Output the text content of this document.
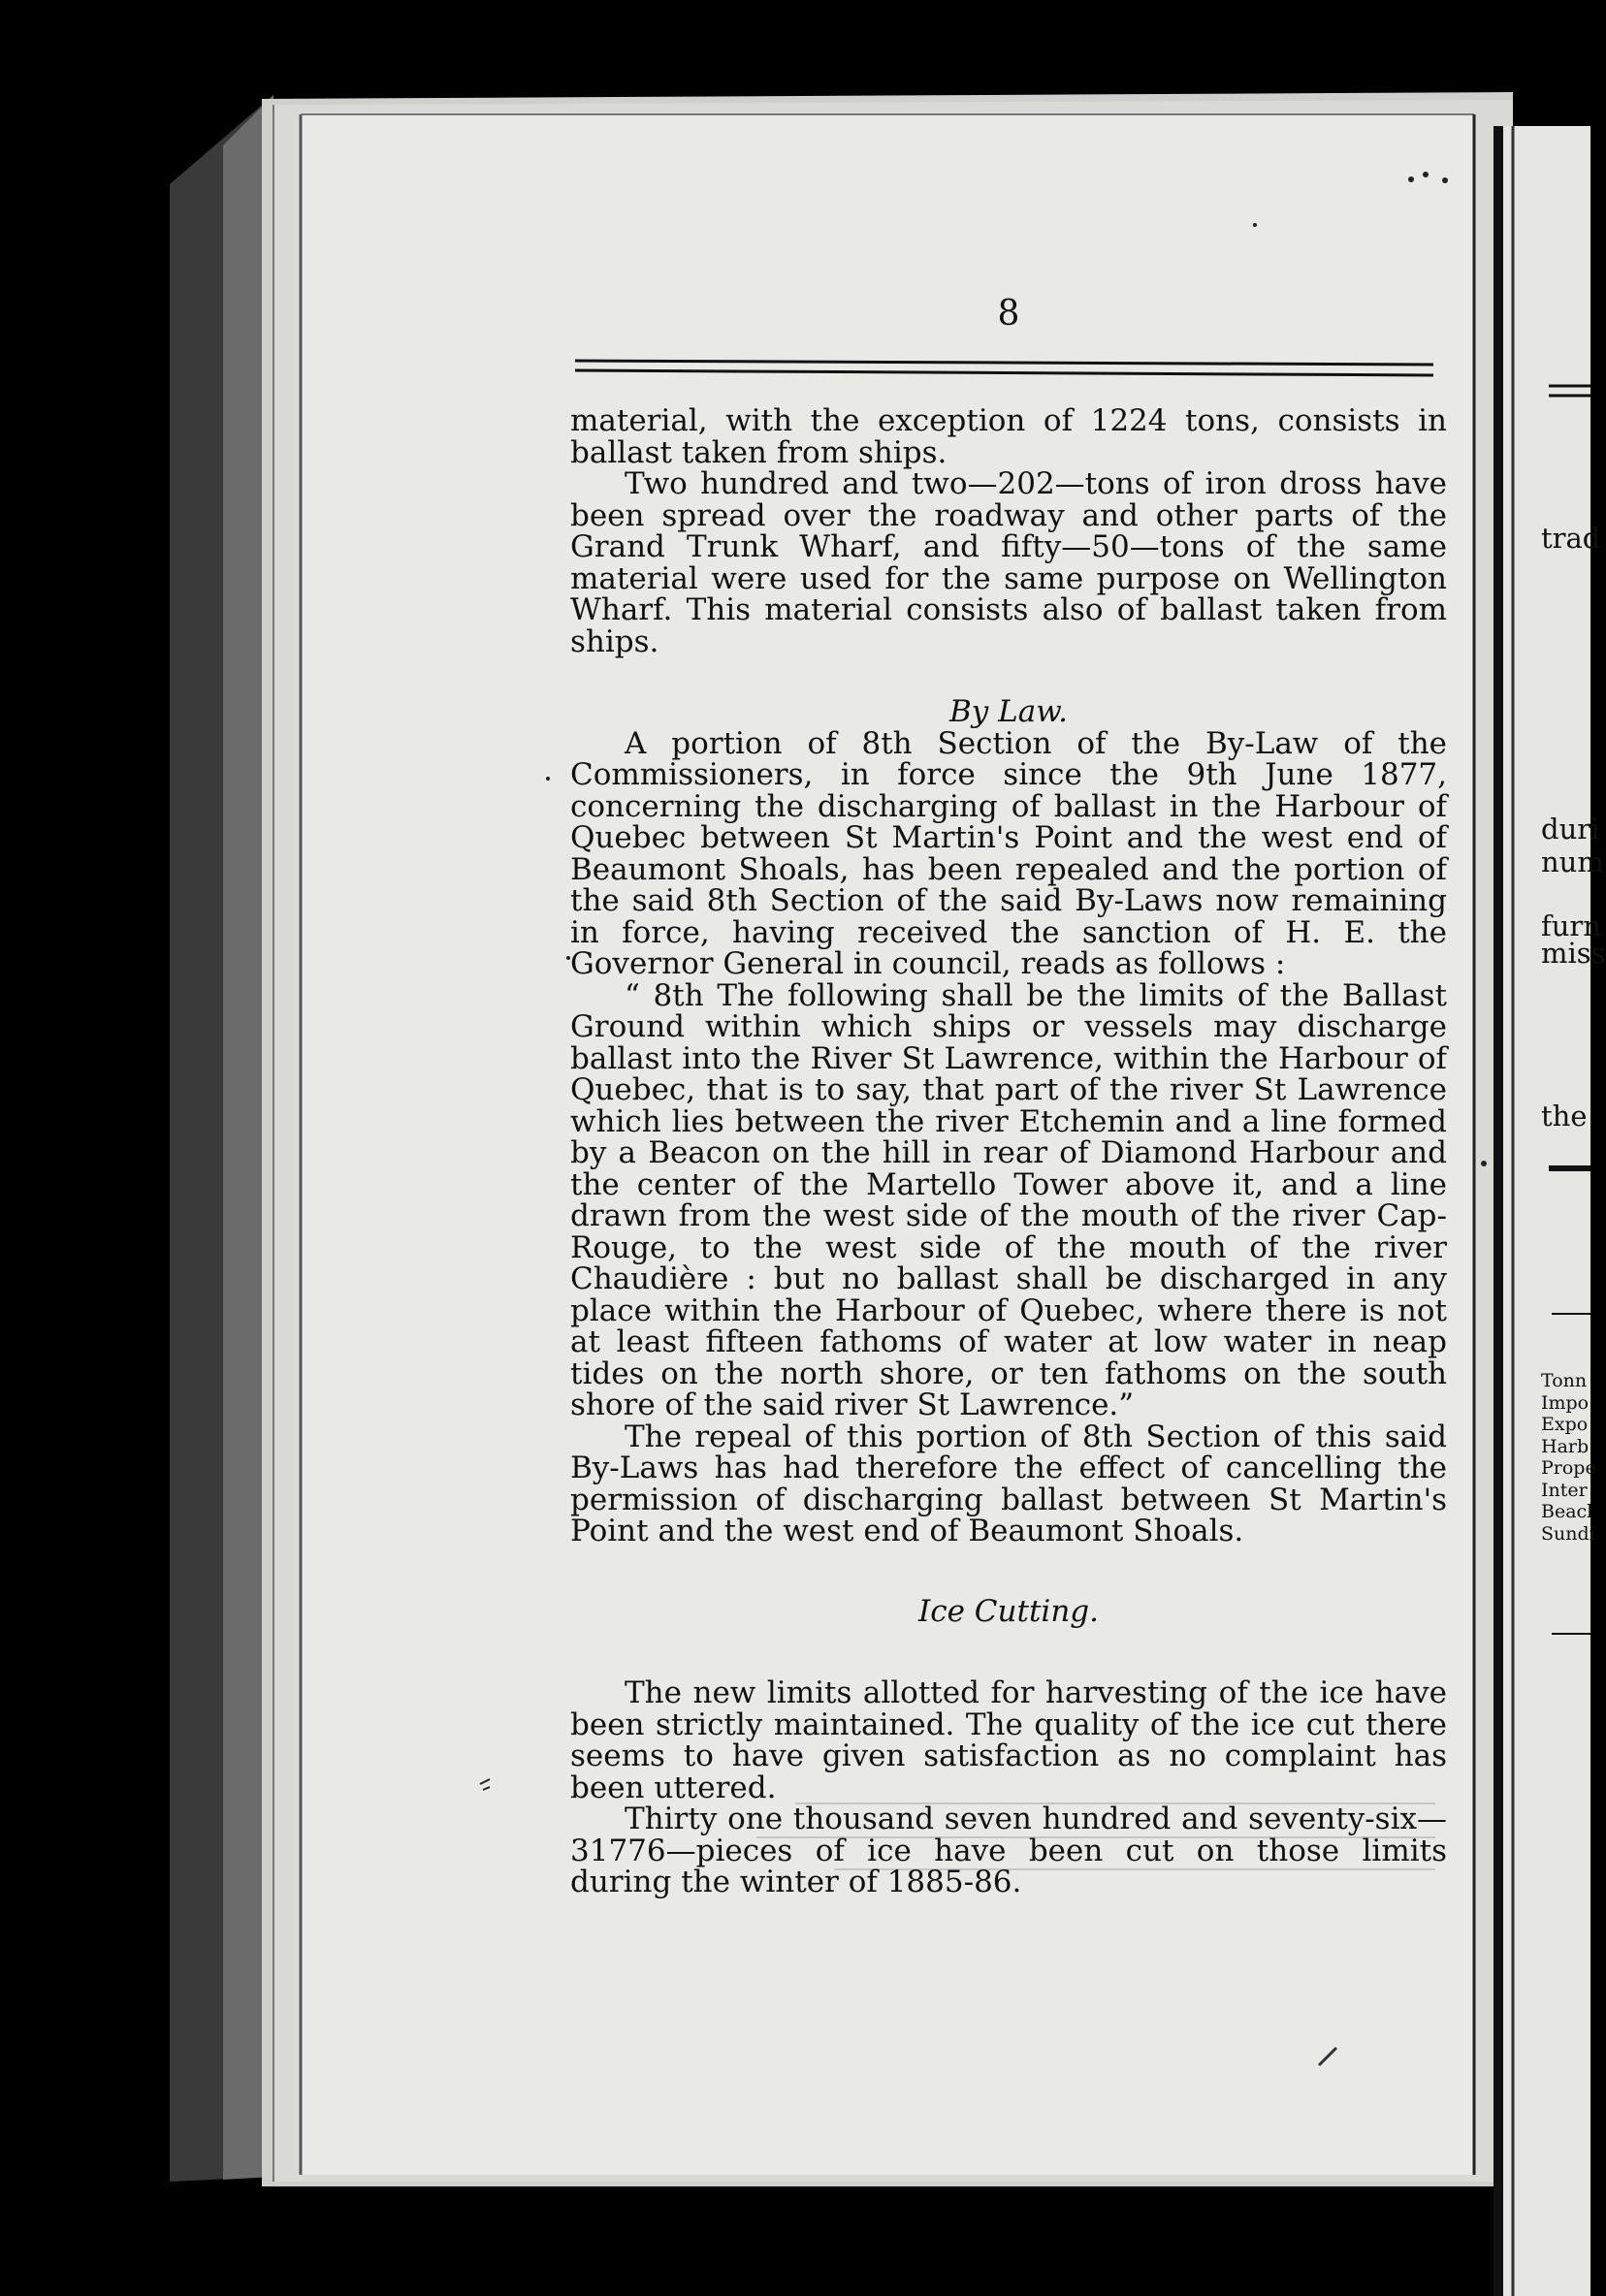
8

material, with the exception of 1224 tons, consists in ballast taken from ships.

Two hundred and two—202—tons of iron dross have been spread over the roadway and other parts of the Grand Trunk Wharf, and fifty—50—tons of the same material were used for the same purpose on Wellington Wharf. This material consists also of ballast taken from ships.

By Law.

A portion of 8th Section of the By-Law of the Commissioners, in force since the 9th June 1877, concerning the discharging of ballast in the Harbour of Quebec between St Martin's Point and the west end of Beaumont Shoals, has been repealed and the portion of the said 8th Section of the said By-Laws now remaining in force, having received the sanction of H. E. the Governor General in council, reads as follows :

“ 8th The following shall be the limits of the Ballast Ground within which ships or vessels may discharge ballast into the River St Lawrence, within the Harbour of Quebec, that is to say, that part of the river St Lawrence which lies between the river Etchemin and a line formed by a Beacon on the hill in rear of Diamond Harbour and the center of the Martello Tower above it, and a line drawn from the west side of the mouth of the river Cap-Rouge, to the west side of the mouth of the river Chaudière : but no ballast shall be discharged in any place within the Harbour of Quebec, where there is not at least fifteen fathoms of water at low water in neap tides on the north shore, or ten fathoms on the south shore of the said river St Lawrence.”

The repeal of this portion of 8th Section of this said By-Laws has had therefore the effect of cancelling the permission of discharging ballast between St Martin's Point and the west end of Beaumont Shoals.

Ice Cutting.

The new limits allotted for harvesting of the ice have been strictly maintained. The quality of the ice cut there seems to have given satisfaction as no complaint has been uttered.

Thirty one thousand seven hundred and seventy-six—31776—pieces of ice have been cut on those limits during the winter of 1885-86.

trad
duri
num
furn
miss
the
Tonn
Impo
Expo
Harb
Prope
Inter
Beacl
Sundi
